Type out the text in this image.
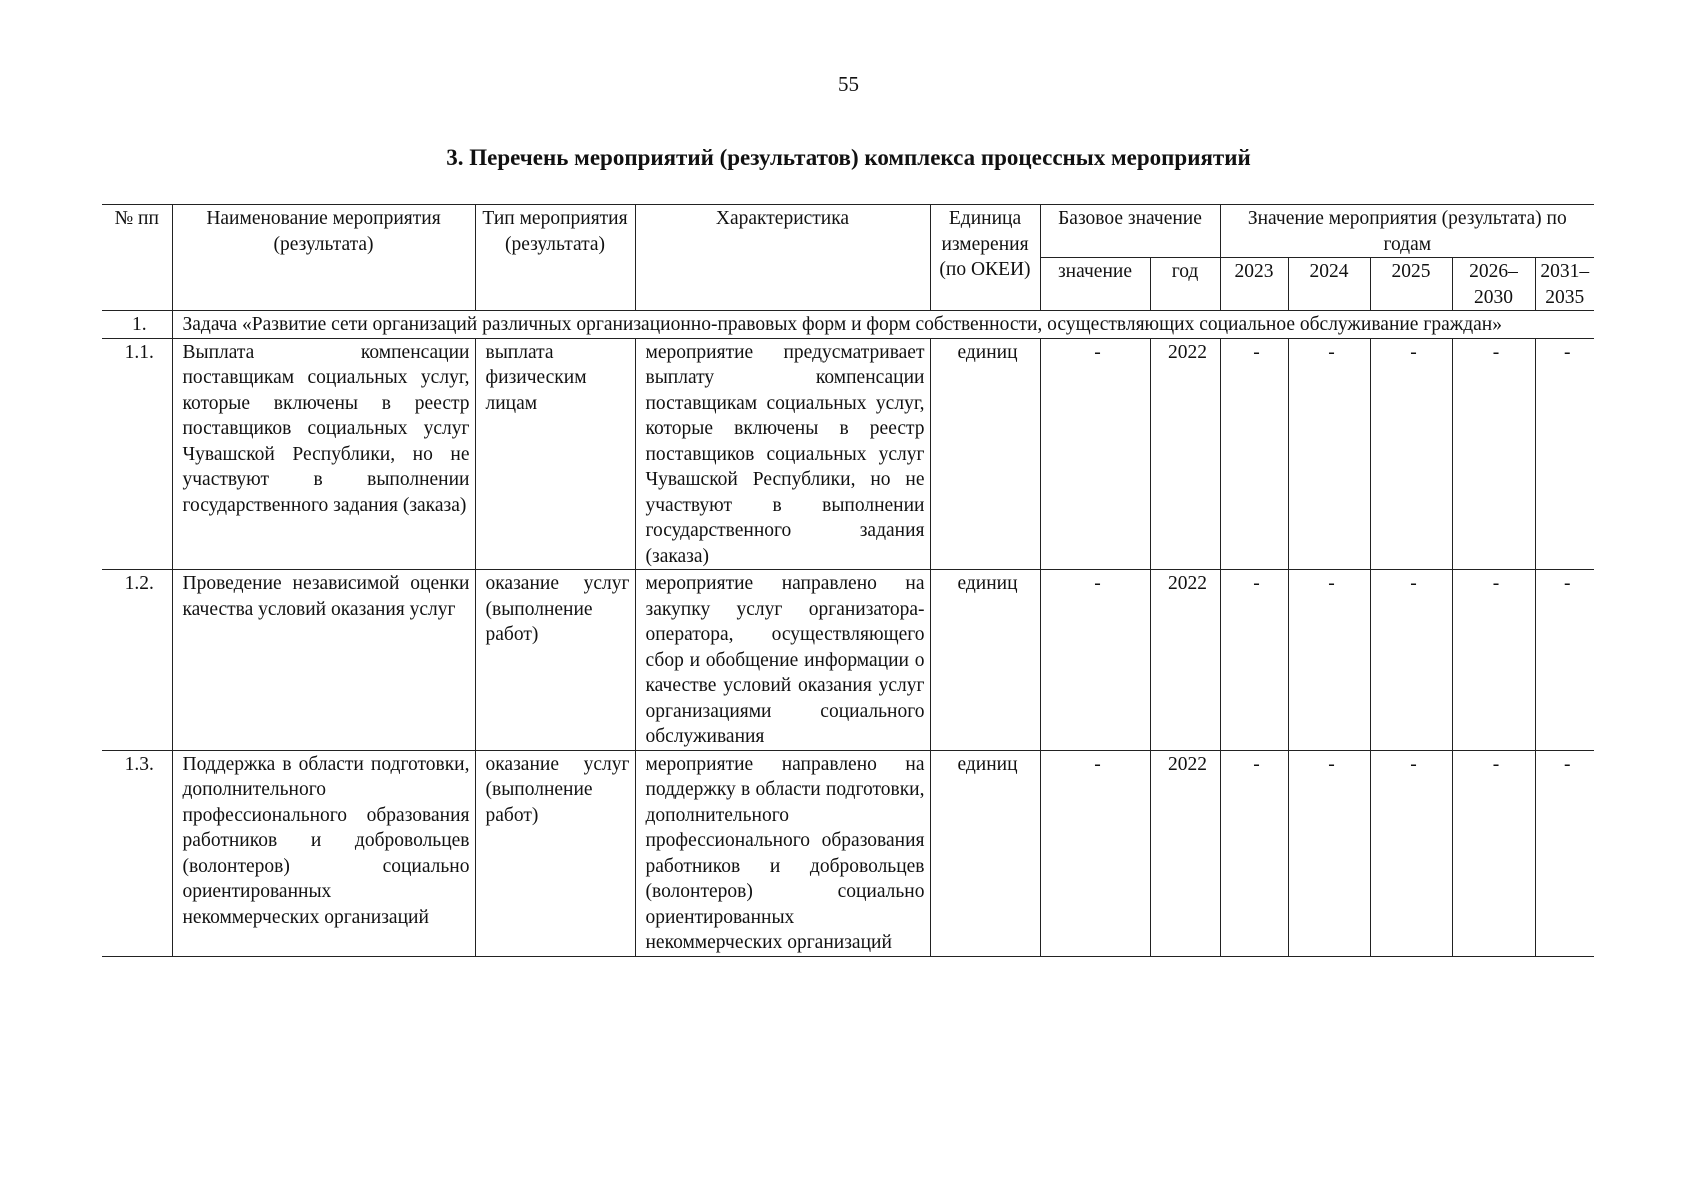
55
3. Перечень мероприятий (результатов) комплекса процессных мероприятий
№ пп	Наименование мероприятия (результата)	Тип мероприятия (результата)	Характеристика	Единица измерения (по ОКЕИ)	Базовое значение		Значение мероприятия (результата) по годам				
					значение	год	2023	2024	2025	2026–2030	2031–2035
1.	Задача «Развитие сети организаций различных организационно-правовых форм и форм собственности, осуществляющих социальное обслуживание граждан»										
1.1.	Выплата компенсации поставщикам социальных услуг, которые включены в реестр поставщиков социальных услуг Чувашской Республики, но не участвуют в выполнении государственного задания (заказа)	выплата физическим лицам	мероприятие предусматривает выплату компенсации поставщикам социальных услуг, которые включены в реестр поставщиков социальных услуг Чувашской Республики, но не участвуют в выполнении государственного задания (заказа)	единиц	-	2022	-	-	-	-	-
1.2.	Проведение независимой оценки качества условий оказания услуг	оказание услуг (выполнение работ)	мероприятие направлено на закупку услуг организатора-оператора, осуществляющего сбор и обобщение информации о качестве условий оказания услуг организациями социального обслуживания	единиц	-	2022	-	-	-	-	-
1.3.	Поддержка в области подготовки, дополнительного профессионального образования работников и добровольцев (волонтеров) социально ориентированных некоммерческих организаций	оказание услуг (выполнение работ)	мероприятие направлено на поддержку в области подготовки, дополнительного профессионального образования работников и добровольцев (волонтеров) социально ориентированных некоммерческих организаций	единиц	-	2022	-	-	-	-	-
